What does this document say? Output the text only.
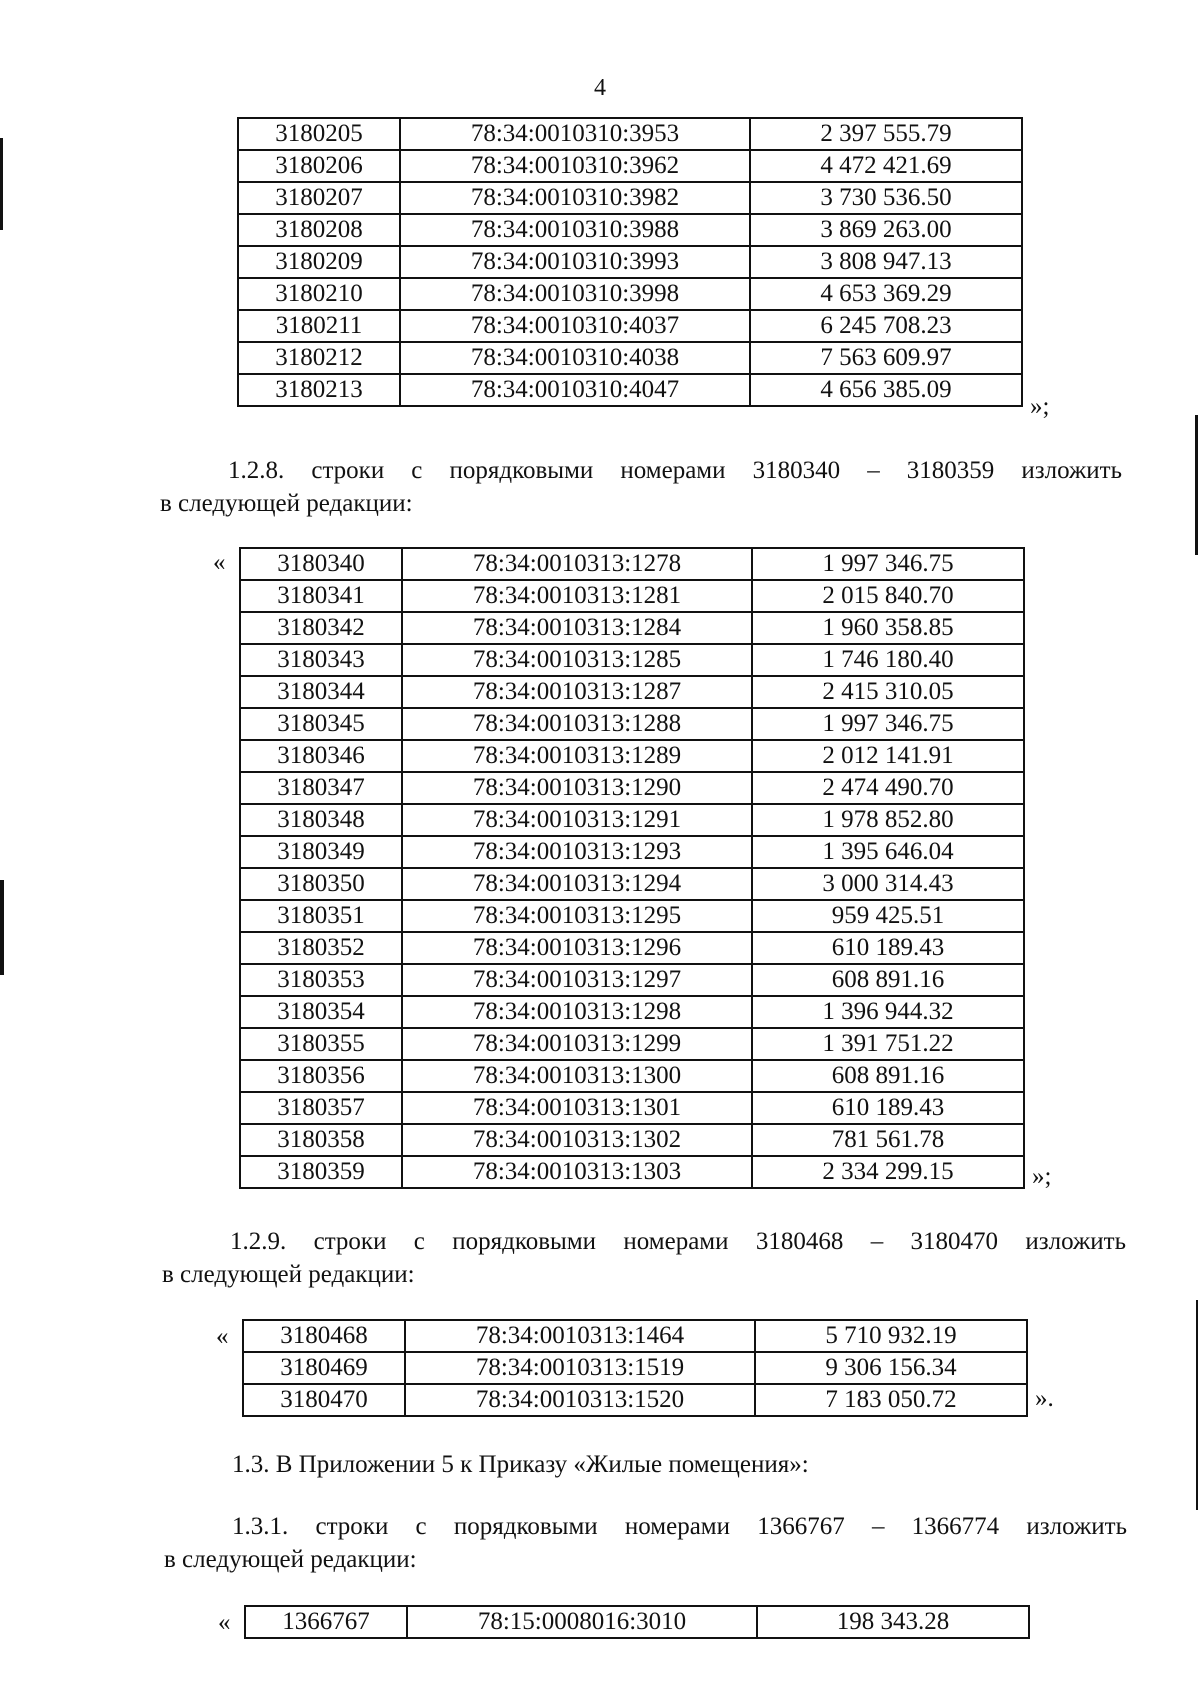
4
3180205	78:34:0010310:3953	2 397 555.79
3180206	78:34:0010310:3962	4 472 421.69
3180207	78:34:0010310:3982	3 730 536.50
3180208	78:34:0010310:3988	3 869 263.00
3180209	78:34:0010310:3993	3 808 947.13
3180210	78:34:0010310:3998	4 653 369.29
3180211	78:34:0010310:4037	6 245 708.23
3180212	78:34:0010310:4038	7 563 609.97
3180213	78:34:0010310:4047	4 656 385.09
»;
1.2.8. строки с порядковыми номерами 3180340 – 3180359 изложить
в следующей редакции:
« 3180340	78:34:0010313:1278	1 997 346.75
3180341	78:34:0010313:1281	2 015 840.70
3180342	78:34:0010313:1284	1 960 358.85
3180343	78:34:0010313:1285	1 746 180.40
3180344	78:34:0010313:1287	2 415 310.05
3180345	78:34:0010313:1288	1 997 346.75
3180346	78:34:0010313:1289	2 012 141.91
3180347	78:34:0010313:1290	2 474 490.70
3180348	78:34:0010313:1291	1 978 852.80
3180349	78:34:0010313:1293	1 395 646.04
3180350	78:34:0010313:1294	3 000 314.43
3180351	78:34:0010313:1295	959 425.51
3180352	78:34:0010313:1296	610 189.43
3180353	78:34:0010313:1297	608 891.16
3180354	78:34:0010313:1298	1 396 944.32
3180355	78:34:0010313:1299	1 391 751.22
3180356	78:34:0010313:1300	608 891.16
3180357	78:34:0010313:1301	610 189.43
3180358	78:34:0010313:1302	781 561.78
3180359	78:34:0010313:1303	2 334 299.15	»;
1.2.9. строки с порядковыми номерами 3180468 – 3180470 изложить
в следующей редакции:
« 3180468	78:34:0010313:1464	5 710 932.19
3180469	78:34:0010313:1519	9 306 156.34
3180470	78:34:0010313:1520	7 183 050.72	».
1.3. В Приложении 5 к Приказу «Жилые помещения»:
1.3.1. строки с порядковыми номерами 1366767 – 1366774 изложить
в следующей редакции:
« 1366767	78:15:0008016:3010	198 343.28
